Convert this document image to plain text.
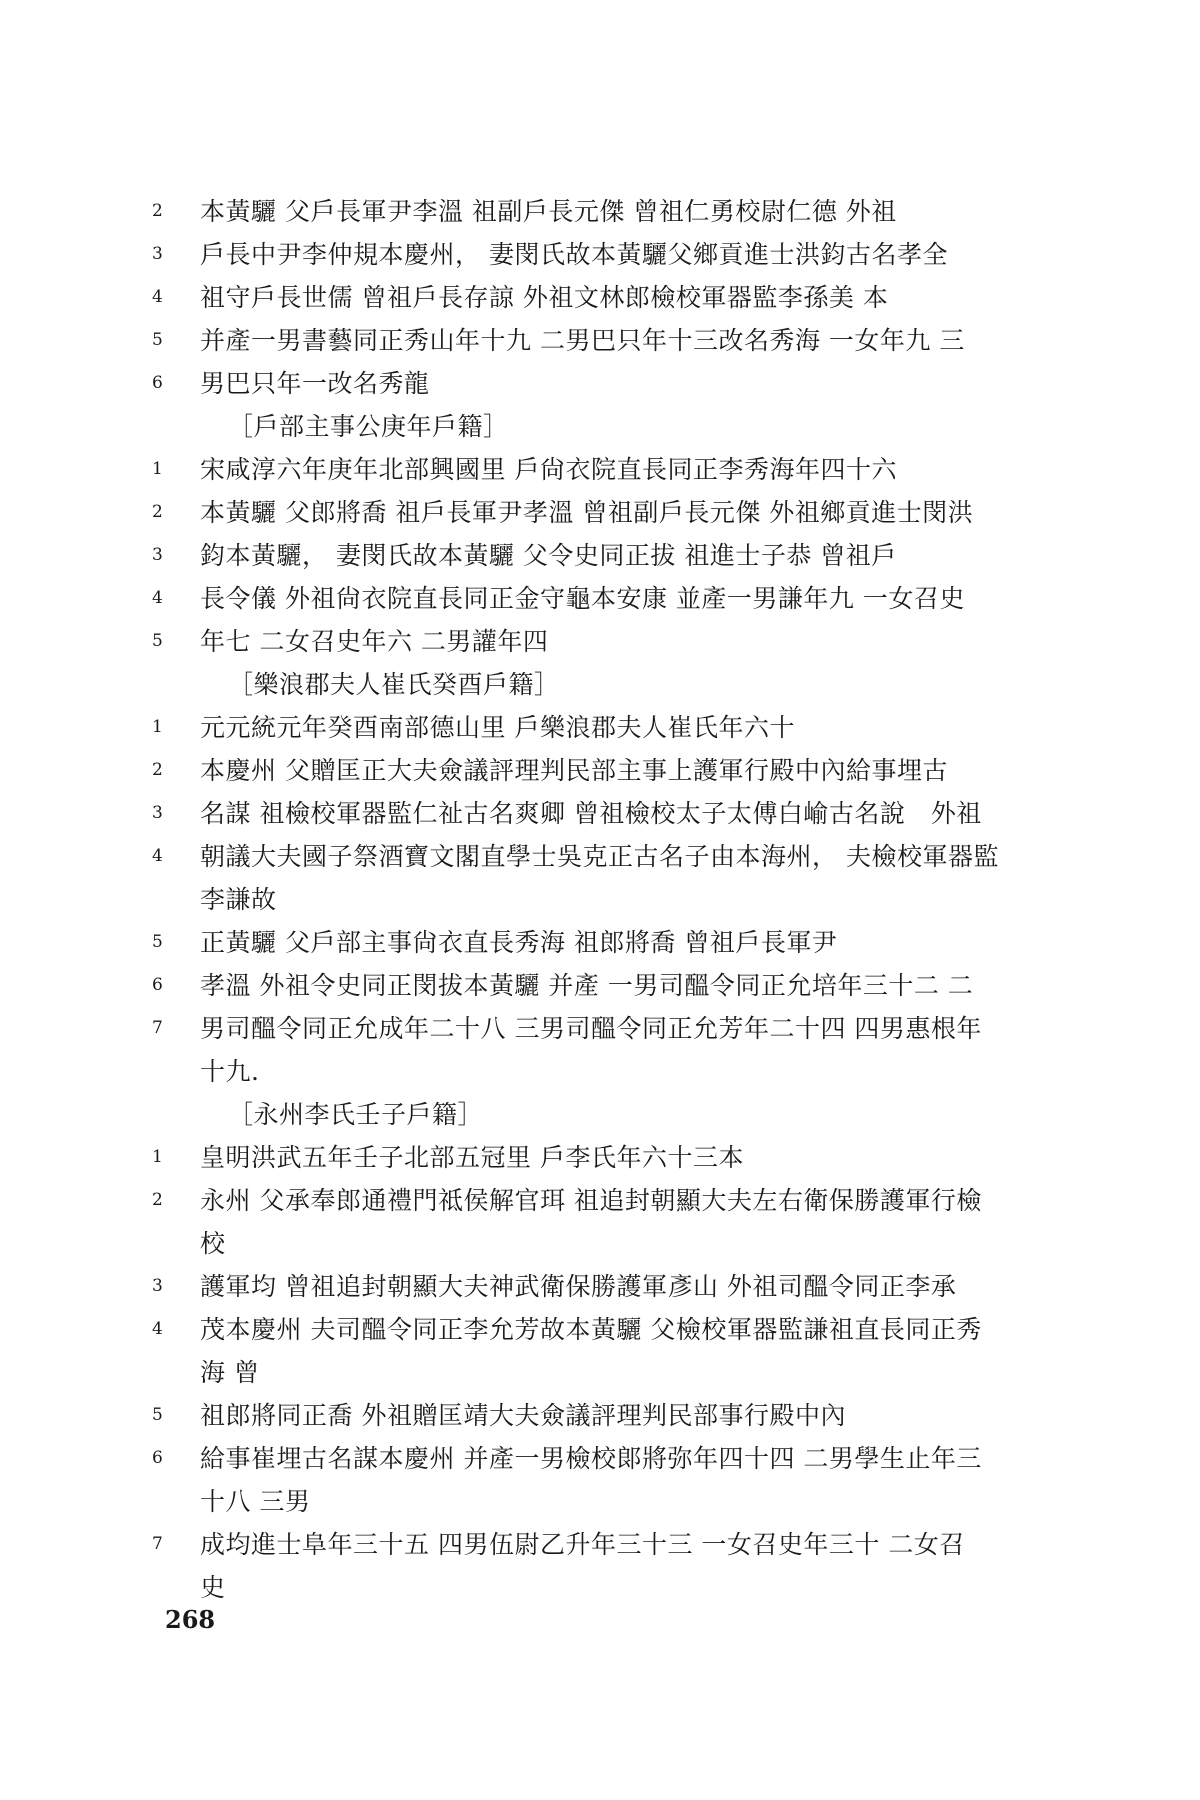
2	本黃驪 父戶長軍尹李溫 祖副戶長元傑 曾祖仁勇校尉仁德 外祖
3	戶長中尹李仲規本慶州， 妻閔氏故本黃驪父鄉貢進士洪鈞古名孝全
4	祖守戶長世儒 曾祖戶長存諒 外祖文林郎檢校軍器監李孫美 本
5	并產一男書藝同正秀山年十九 二男巴只年十三改名秀海 一女年九 三
6	男巴只年一改名秀龍
［戶部主事公庚年戶籍］
1	宋咸淳六年庚年北部興國里 戶尙衣院直長同正李秀海年四十六
2	本黃驪 父郎將喬 祖戶長軍尹孝溫 曾祖副戶長元傑 外祖鄉貢進士閔洪
3	鈞本黃驪， 妻閔氏故本黃驪 父令史同正拔 祖進士子恭 曾祖戶
4	長令儀 外祖尙衣院直長同正金守龜本安康 並產一男謙年九 一女召史
5	年七 二女召史年六 二男讙年四
［樂浪郡夫人崔氏癸酉戶籍］
1	元元統元年癸酉南部德山里 戶樂浪郡夫人崔氏年六十
2	本慶州 父贈匡正大夫僉議評理判民部主事上護軍行殿中內給事埋古
3	名謀 祖檢校軍器監仁祉古名爽卿 曾祖檢校太子太傅白崳古名說　外祖
4	朝議大夫國子祭酒寶文閣直學士吳克正古名子由本海州， 夫檢校軍器監
李謙故
5	正黃驪 父戶部主事尙衣直長秀海 祖郎將喬 曾祖戶長軍尹
6	孝溫 外祖令史同正閔拔本黃驪 并產 一男司醞令同正允培年三十二 二
7	男司醞令同正允成年二十八 三男司醞令同正允芳年二十四 四男惠根年
十九.
［永州李氏壬子戶籍］
1	皇明洪武五年壬子北部五冠里 戶李氏年六十三本
2	永州 父承奉郎通禮門祗侯解官珥 祖追封朝顯大夫左右衛保勝護軍行檢
校
3	護軍均 曾祖追封朝顯大夫神武衛保勝護軍彥山 外祖司醞令同正李承
4	茂本慶州 夫司醞令同正李允芳故本黃驪 父檢校軍器監謙祖直長同正秀
海 曾
5	祖郎將同正喬 外祖贈匡靖大夫僉議評理判民部事行殿中內
6	給事崔埋古名謀本慶州 并產一男檢校郞將弥年四十四 二男學生止年三
十八 三男
7	成均進士阜年三十五 四男伍尉乙升年三十三 一女召史年三十 二女召
史
268
